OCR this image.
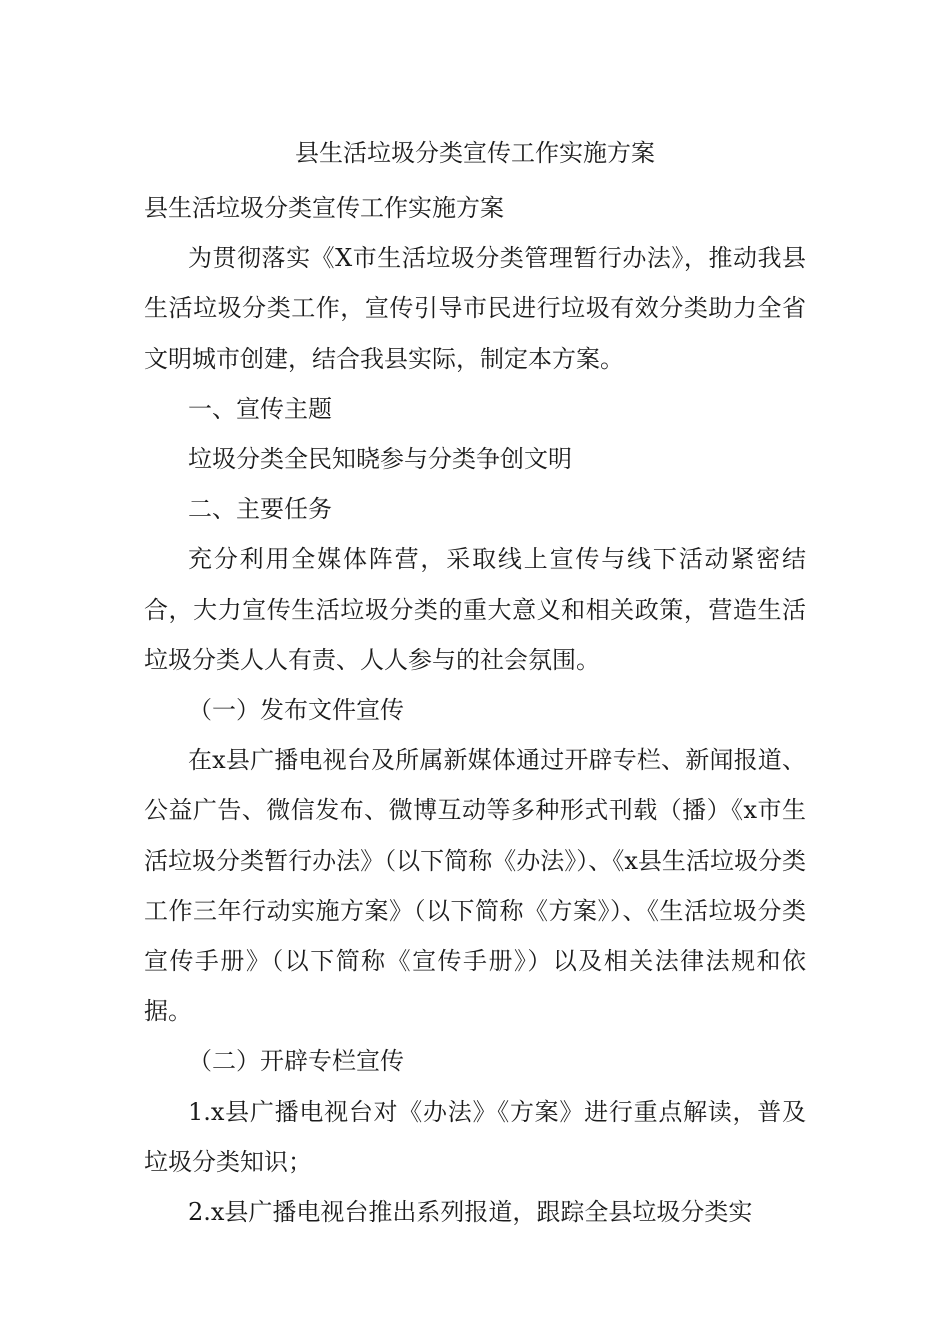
县生活垃圾分类宣传工作实施方案

县生活垃圾分类宣传工作实施方案

为贯彻落实《X市生活垃圾分类管理暂行办法》，推动我县生活垃圾分类工作，宣传引导市民进行垃圾有效分类助力全省文明城市创建，结合我县实际，制定本方案。

一、宣传主题

垃圾分类全民知晓参与分类争创文明

二、主要任务

充分利用全媒体阵营，采取线上宣传与线下活动紧密结合，大力宣传生活垃圾分类的重大意义和相关政策，营造生活垃圾分类人人有责、人人参与的社会氛围。

（一）发布文件宣传

在x县广播电视台及所属新媒体通过开辟专栏、新闻报道、公益广告、微信发布、微博互动等多种形式刊载（播）《x市生活垃圾分类暂行办法》（以下简称《办法》）、《x县生活垃圾分类工作三年行动实施方案》（以下简称《方案》）、《生活垃圾分类宣传手册》（以下简称《宣传手册》）以及相关法律法规和依据。

（二）开辟专栏宣传

1.x县广播电视台对《办法》《方案》进行重点解读，普及垃圾分类知识；

2.x县广播电视台推出系列报道，跟踪全县垃圾分类实
